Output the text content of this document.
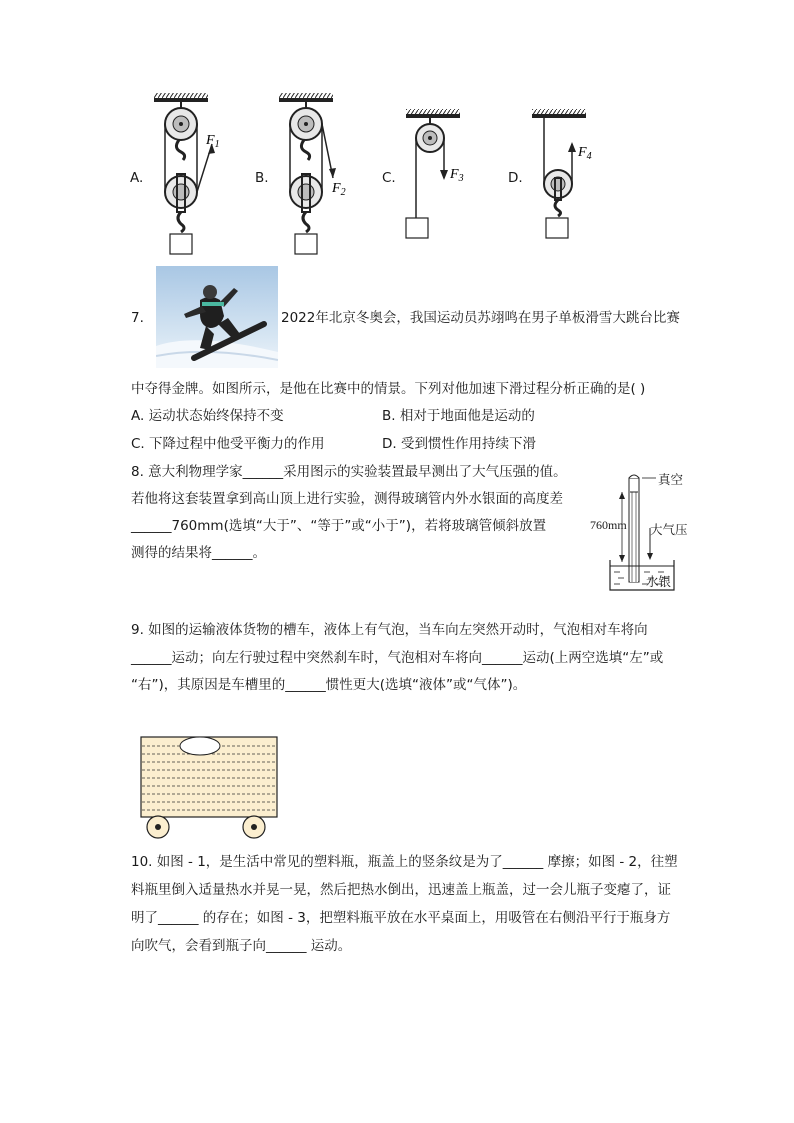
A.	B.	C.	D.
$F_1$
$F_2$
$F_3$
$F_4$
7.	2022年北京冬奥会，我国运动员苏翊鸣在男子单板滑雪大跳台比赛
中夺得金牌。如图所示，是他在比赛中的情景。下列对他加速下滑过程分析正确的是( )
A. 运动状态始终保持不变	B. 相对于地面他是运动的
C. 下降过程中他受平衡力的作用	D. 受到惯性作用持续下滑
8. 意大利物理学家______采用图示的实验装置最早测出了大气压强的值。
若他将这套装置拿到高山顶上进行实验，测得玻璃管内外水银面的高度差
______760mm(选填“大于”、“等于”或“小于”)，若将玻璃管倾斜放置
测得的结果将______。
真空
760mm 大气压
水银
9. 如图的运输液体货物的槽车，液体上有气泡，当车向左突然开动时，气泡相对车将向
______运动；向左行驶过程中突然刹车时，气泡相对车将向______运动(上两空选填“左”或
“右”)，其原因是车槽里的______惯性更大(选填“液体”或“气体”)。
10. 如图 - 1，是生活中常见的塑料瓶，瓶盖上的竖条纹是为了______ 摩擦；如图 - 2，往塑
料瓶里倒入适量热水并晃一晃，然后把热水倒出，迅速盖上瓶盖，过一会儿瓶子变瘪了，证
明了______ 的存在；如图 - 3，把塑料瓶平放在水平桌面上，用吸管在右侧沿平行于瓶身方
向吹气，会看到瓶子向______ 运动。
